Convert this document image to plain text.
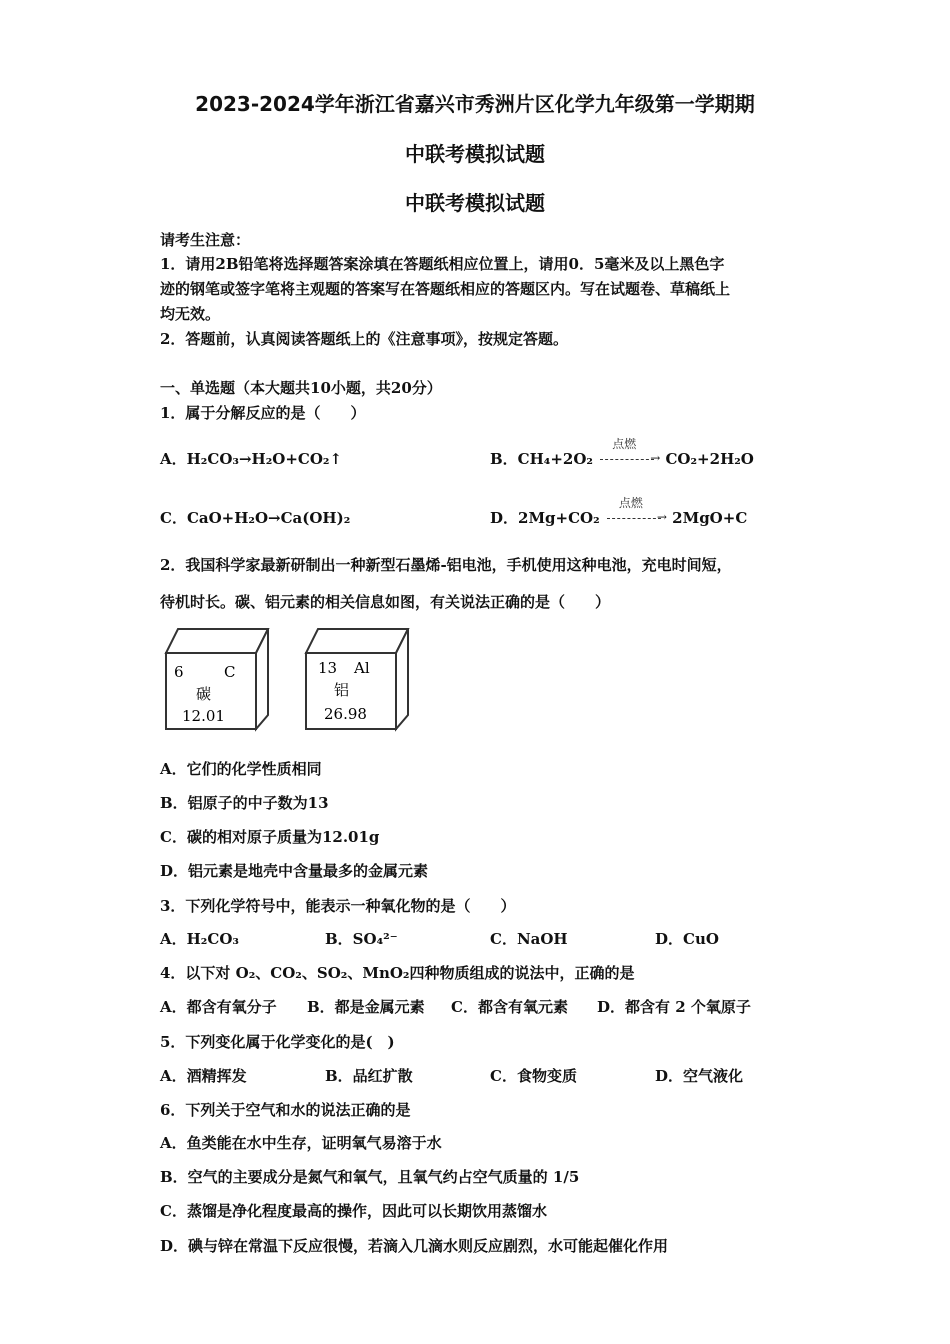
2023-2024学年浙江省嘉兴市秀洲片区化学九年级第一学期期
中联考模拟试题
中联考模拟试题
请考生注意：
1．请用2B铅笔将选择题答案涂填在答题纸相应位置上，请用0．5毫米及以上黑色字
迹的钢笔或签字笔将主观题的答案写在答题纸相应的答题区内。写在试题卷、草稿纸上
均无效。
2．答题前，认真阅读答题纸上的《注意事项》，按规定答题。
一、单选题（本大题共10小题，共20分）
1．属于分解反应的是（　　）
A．H₂CO₃→H₂O+CO₂↑	B．CH₄+2O₂
点燃
→ CO₂+2H₂O
C．CaO+H₂O→Ca(OH)₂	D．2Mg+CO₂
点燃
→ 2MgO+C
2．我国科学家最新研制出一种新型石墨烯-铝电池，手机使用这种电池，充电时间短，
待机时长。碳、铝元素的相关信息如图，有关说法正确的是（　　）
6	C
碳
12.01
13 Al
铝
26.98
A．它们的化学性质相同
B．铝原子的中子数为13
C．碳的相对原子质量为12.01g
D．铝元素是地壳中含量最多的金属元素
3．下列化学符号中，能表示一种氧化物的是（　　）
A．H₂CO₃	B．SO₄²⁻	C．NaOH	D．CuO
4．以下对 O₂、CO₂、SO₂、MnO₂四种物质组成的说法中，正确的是
A．都含有氧分子 B．都是金属元素 C．都含有氧元素 D．都含有 2 个氧原子
5．下列变化属于化学变化的是(　)
A．酒精挥发	B．品红扩散	C．食物变质	D．空气液化
6．下列关于空气和水的说法正确的是
A．鱼类能在水中生存，证明氧气易溶于水
B．空气的主要成分是氮气和氧气，且氧气约占空气质量的 1/5
C．蒸馏是净化程度最高的操作，因此可以长期饮用蒸馏水
D．碘与锌在常温下反应很慢，若滴入几滴水则反应剧烈，水可能起催化作用
